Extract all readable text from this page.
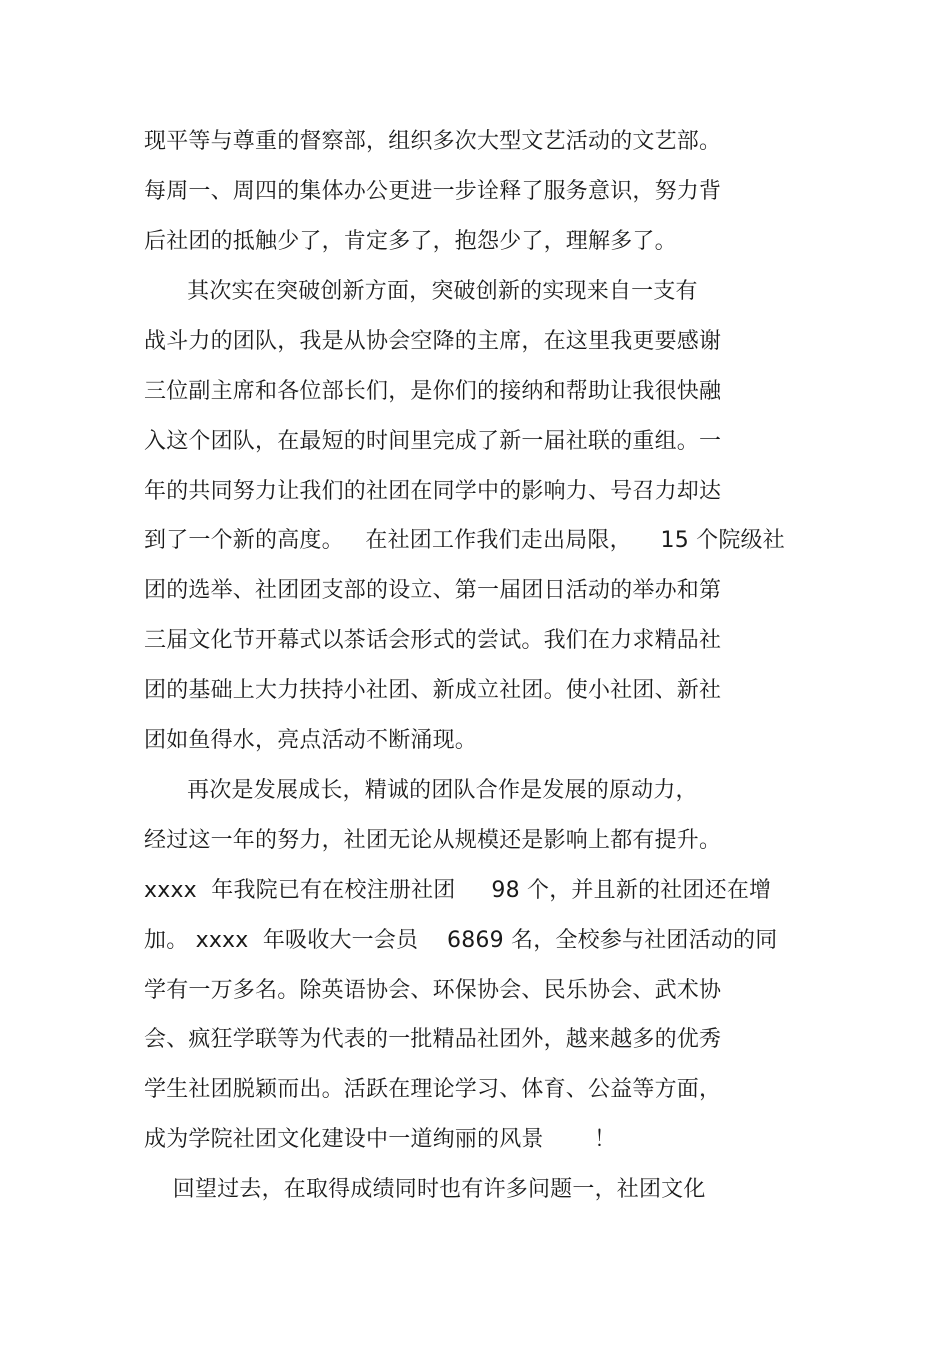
现平等与尊重的督察部，组织多次大型文艺活动的文艺部。
每周一、周四的集体办公更进一步诠释了服务意识，努力背
后社团的抵触少了，肯定多了，抱怨少了，理解多了。
其次实在突破创新方面，突破创新的实现来自一支有
战斗力的团队，我是从协会空降的主席，在这里我更要感谢
三位副主席和各位部长们，是你们的接纳和帮助让我很快融
入这个团队，在最短的时间里完成了新一届社联的重组。一
年的共同努力让我们的社团在同学中的影响力、号召力却达
到了一个新的高度。   在社团工作我们走出局限，    15 个院级社
团的选举、社团团支部的设立、第一届团日活动的举办和第
三届文化节开幕式以茶话会形式的尝试。我们在力求精品社
团的基础上大力扶持小社团、新成立社团。使小社团、新社
团如鱼得水，亮点活动不断涌现。
再次是发展成长，精诚的团队合作是发展的原动力，
经过这一年的努力，社团无论从规模还是影响上都有提升。
xxxx  年我院已有在校注册社团     98 个，并且新的社团还在增
加。 xxxx  年吸收大一会员    6869 名，全校参与社团活动的同
学有一万多名。除英语协会、环保协会、民乐协会、武术协
会、疯狂学联等为代表的一批精品社团外，越来越多的优秀
学生社团脱颖而出。活跃在理论学习、体育、公益等方面，
成为学院社团文化建设中一道绚丽的风景       ！
回望过去，在取得成绩同时也有许多问题一，社团文化
